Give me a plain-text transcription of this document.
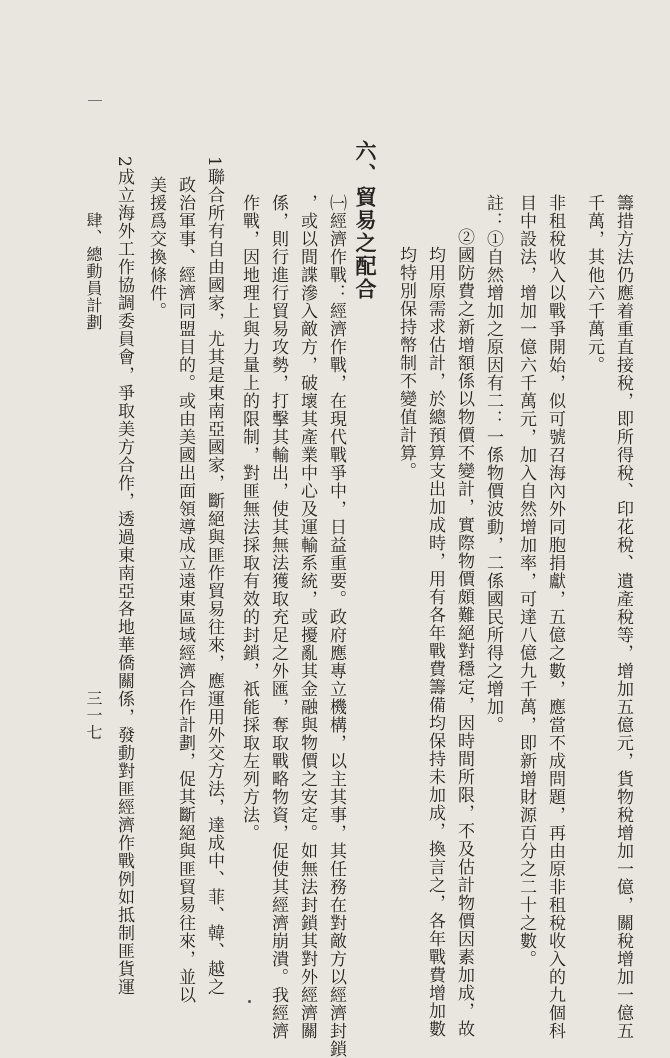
籌措方法仍應着重直接稅，即所得稅、印花稅、遺產稅等，增加五億元，貨物稅增加一億，關稅增加一億五
千萬，其他六千萬元。
非租稅收入以戰爭開始，似可號召海內外同胞捐獻，五億之數，應當不成問題，再由原非租稅收入的九個科
目中設法，增加一億六千萬元，加入自然增加率，可達八億九千萬，即新增財源百分之二十之數。
註：①自然增加之原因有二：一係物價波動，二係國民所得之增加。
②國防費之新增額係以物價不變計，實際物價頗難絕對穩定，因時間所限，不及估計物價因素加成，故
均用原需求估計，於總預算支出加成時，用有各年戰費籌備均保持未加成，換言之，各年戰費增加數
均特別保持幣制不變值計算。
六、貿易之配合
㈠經濟作戰：經濟作戰，在現代戰爭中，日益重要。政府應專立機構，以主其事，其任務在對敵方以經濟封鎖
，或以間諜滲入敵方，破壞其產業中心及運輸系統，或擾亂其金融與物價之安定。如無法封鎖其對外經濟關
係，則行進行貿易攻勢，打擊其輸出，使其無法獲取充足之外匯，奪取戰略物資，促使其經濟崩潰。我經濟
作戰，因地理上與力量上的限制，對匪無法採取有效的封鎖，祇能採取左列方法。
1聯合所有自由國家，尤其是東南亞國家，斷絕與匪作貿易往來，應運用外交方法，達成中、菲、韓、越之
政治軍事、經濟同盟目的。或由美國出面領導成立遠東區域經濟合作計劃，促其斷絕與匪貿易往來，並以
美援爲交換條件。
2成立海外工作協調委員會，爭取美方合作，透過東南亞各地華僑關係，發動對匪經濟作戰例如抵制匪貨運
肆、總動員計劃
三一七
